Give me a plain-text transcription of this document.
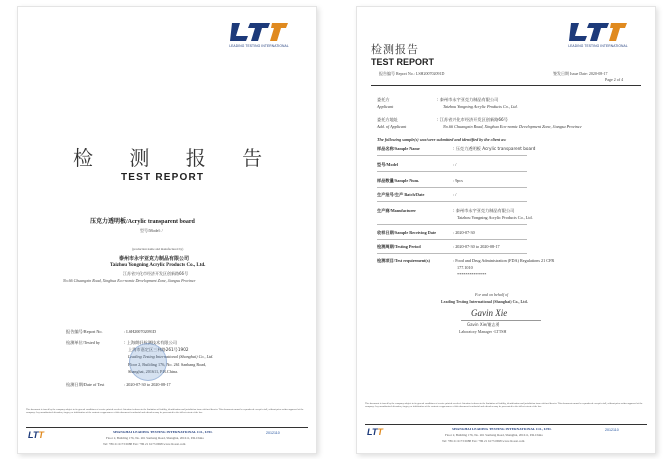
LEADING TESTING INTERNATIONAL
检 测 报 告
TEST REPORT
压克力透明板/Acrylic transparent board
型号/Model: /
(production name and manufactured by)
泰州市永宇亚克力制品有限公司
Taizhou Yongning Acrylic Products Co., Ltd.
江苏省兴化市经济开发区创新路66号
No.66 Chuangxin Road, Xinghua Eco-nomic Development Zone, Jiangsu Province
报告编号/Report No.	: LSH200702091D
检测单位/Tested by	: 上海朗轩检测技术有限公司
上海市嘉定区三林路261号1902
Leading Testing International (Shanghai) Co., Ltd.
Floor 2, Building 176, No. 261 Sanbang Road,
Shanghai, 201611, P.R.China.
检测日期/Date of Test	: 2020-07-30 to 2020-08-17
This document is issued by the company subject to its general conditions of service printed overleaf. Attention is drawn to the limitation of liability, identification and jurisdiction issues defined therein. This document cannot be reproduced except in full, without prior written approval of the company. Any unauthorized alteration, forgery or falsification of the content or appearance of this document is unlawful and offenders may be prosecuted to the fullest extent of the law.
LTT	SHANGHAI LEADING TESTING INTERNATIONAL CO., LTD.
Floor 2, Building 176, No. 261 Sanbang Road, Shanghai, 201611, P.R.China
Tel: +86 21 6173 0688 Fax: +86 21 6173 0698 www.ltt-test.com
2012110
LEADING TESTING INTERNATIONAL
检测报告
TEST REPORT
报告编号 Report No.: LSH200702091D	签发日期 Issue Date: 2020-08-17
Page 2 of 4
委托方
Applicant
: 泰州市永宇亚克力制品有限公司
Taizhou Yongning Acrylic Products Co., Ltd.
委托方地址
Add. of Applicant
: 江苏省兴化市经济开发区创新路66号
No.66 Chuangxin Road, Xinghua Eco-nomic Development Zone, Jiangsu Province
The following sample(s) was/were submitted and identified by the client as:
样品名称/Sample Name	: 压克力透明板 Acrylic transparent board
型号/Model	: /
样品数量/Sample Num.	: 9pcs
生产批号/生产 Batch/Date	: /
生产商/Manufacturer	: 泰州市永宇亚克力制品有限公司
Taizhou Yongning Acrylic Products Co., Ltd.
收样日期/Sample Receiving Date	: 2020-07-30
检测周期/Testing Period	: 2020-07-30 to 2020-08-17
检测项目/Test requirement(s)	: Food and Drug Administration (FDA) Regulations 21 CFR
177.1010
**************
For and on behalf of
Leading Testing International (Shanghai) Co., Ltd.
Gavin Xie
Gavin Xie/谢志勇
Laboratory Manager -LTTSH
This document is issued by the company subject to its general conditions of service printed overleaf. Attention is drawn to the limitation of liability, identification and jurisdiction issues defined therein. This document cannot be reproduced except in full, without prior written approval of the company. Any unauthorized alteration, forgery or falsification of the content or appearance of this document is unlawful and offenders may be prosecuted to the fullest extent of the law.
LTT	SHANGHAI LEADING TESTING INTERNATIONAL CO., LTD.
Floor 2, Building 176, No. 261 Sanbang Road, Shanghai, 201611, P.R.China
Tel: +86 21 6173 0688 Fax: +86 21 6173 0698 www.ltt-test.com
2012110
